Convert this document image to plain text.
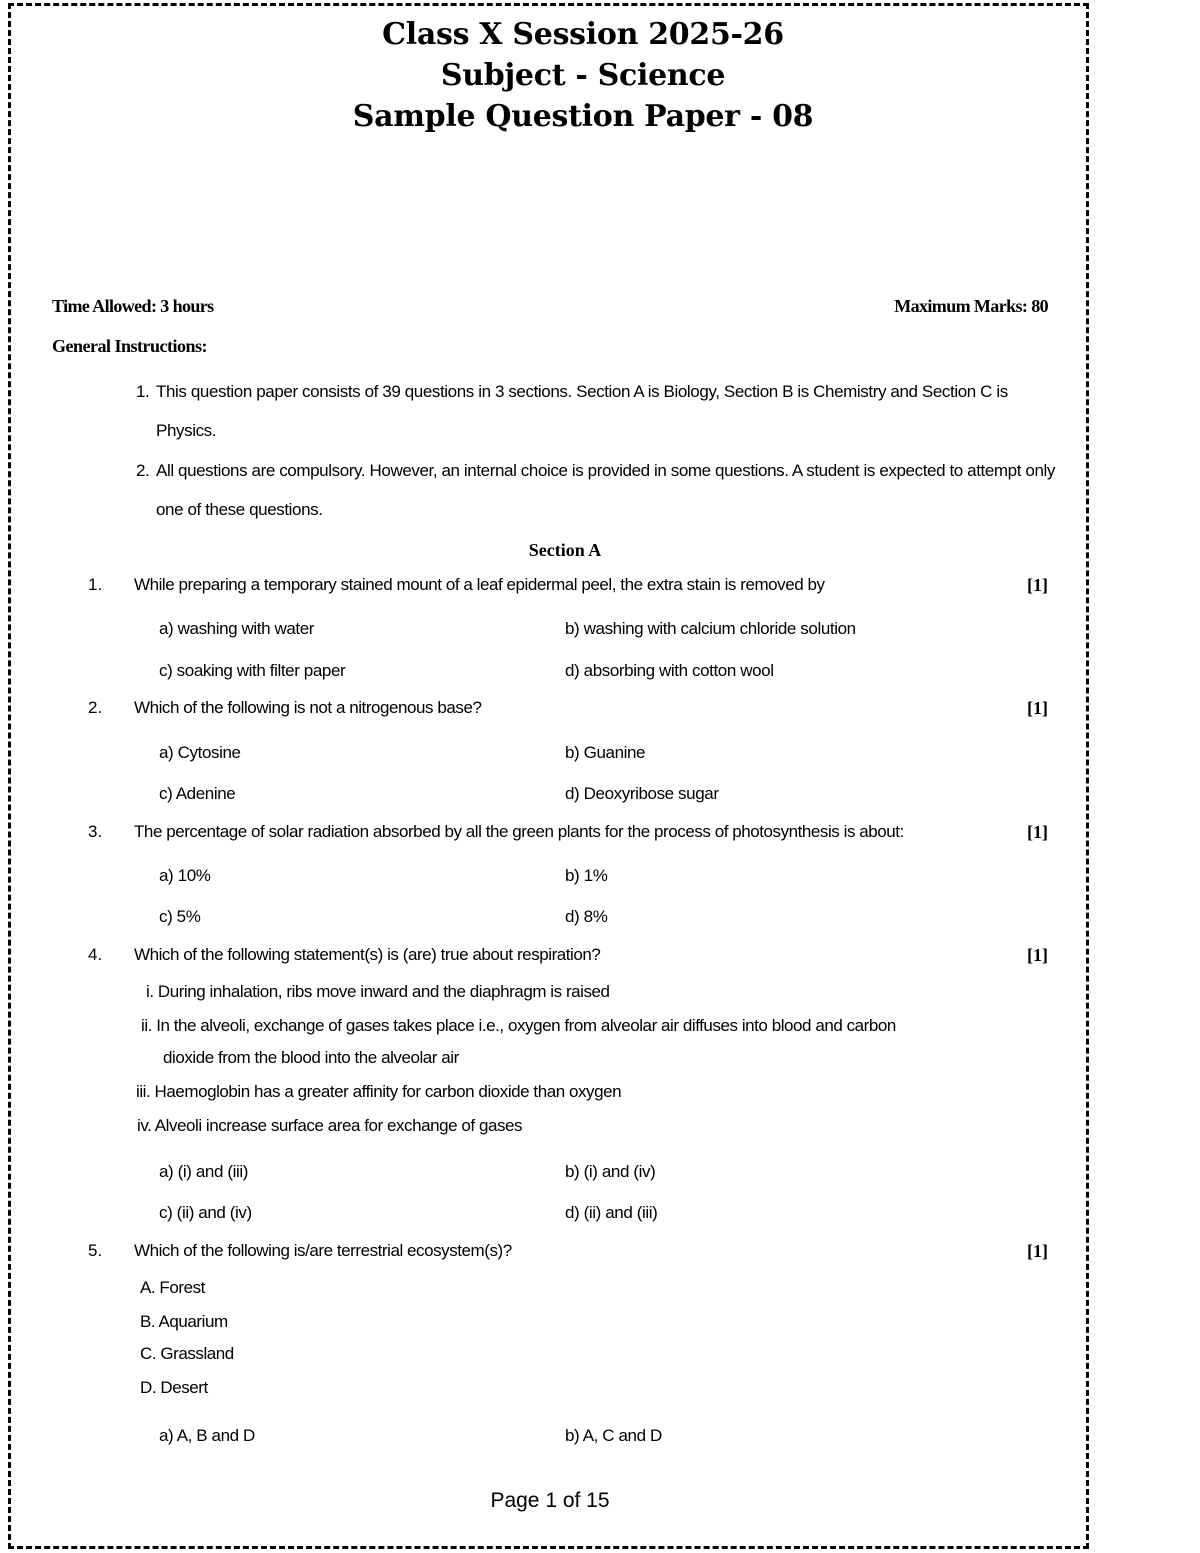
Class X Session 2025-26
Subject - Science
Sample Question Paper - 08
Time Allowed: 3 hours	Maximum Marks: 80
General Instructions:
1. This question paper consists of 39 questions in 3 sections. Section A is Biology, Section B is Chemistry and Section C is Physics.
2. All questions are compulsory. However, an internal choice is provided in some questions. A student is expected to attempt only one of these questions.
Section A
1. While preparing a temporary stained mount of a leaf epidermal peel, the extra stain is removed by	[1]
a) washing with water	b) washing with calcium chloride solution
c) soaking with filter paper	d) absorbing with cotton wool
2. Which of the following is not a nitrogenous base?	[1]
a) Cytosine	b) Guanine
c) Adenine	d) Deoxyribose sugar
3. The percentage of solar radiation absorbed by all the green plants for the process of photosynthesis is about:	[1]
a) 10%	b) 1%
c) 5%	d) 8%
4. Which of the following statement(s) is (are) true about respiration?	[1]
i. During inhalation, ribs move inward and the diaphragm is raised
ii. In the alveoli, exchange of gases takes place i.e., oxygen from alveolar air diffuses into blood and carbon
dioxide from the blood into the alveolar air
iii. Haemoglobin has a greater affinity for carbon dioxide than oxygen
iv. Alveoli increase surface area for exchange of gases
a) (i) and (iii)	b) (i) and (iv)
c) (ii) and (iv)	d) (ii) and (iii)
5. Which of the following is/are terrestrial ecosystem(s)?	[1]
A. Forest
B. Aquarium
C. Grassland
D. Desert
a) A, B and D	b) A, C and D
Page 1 of 15
